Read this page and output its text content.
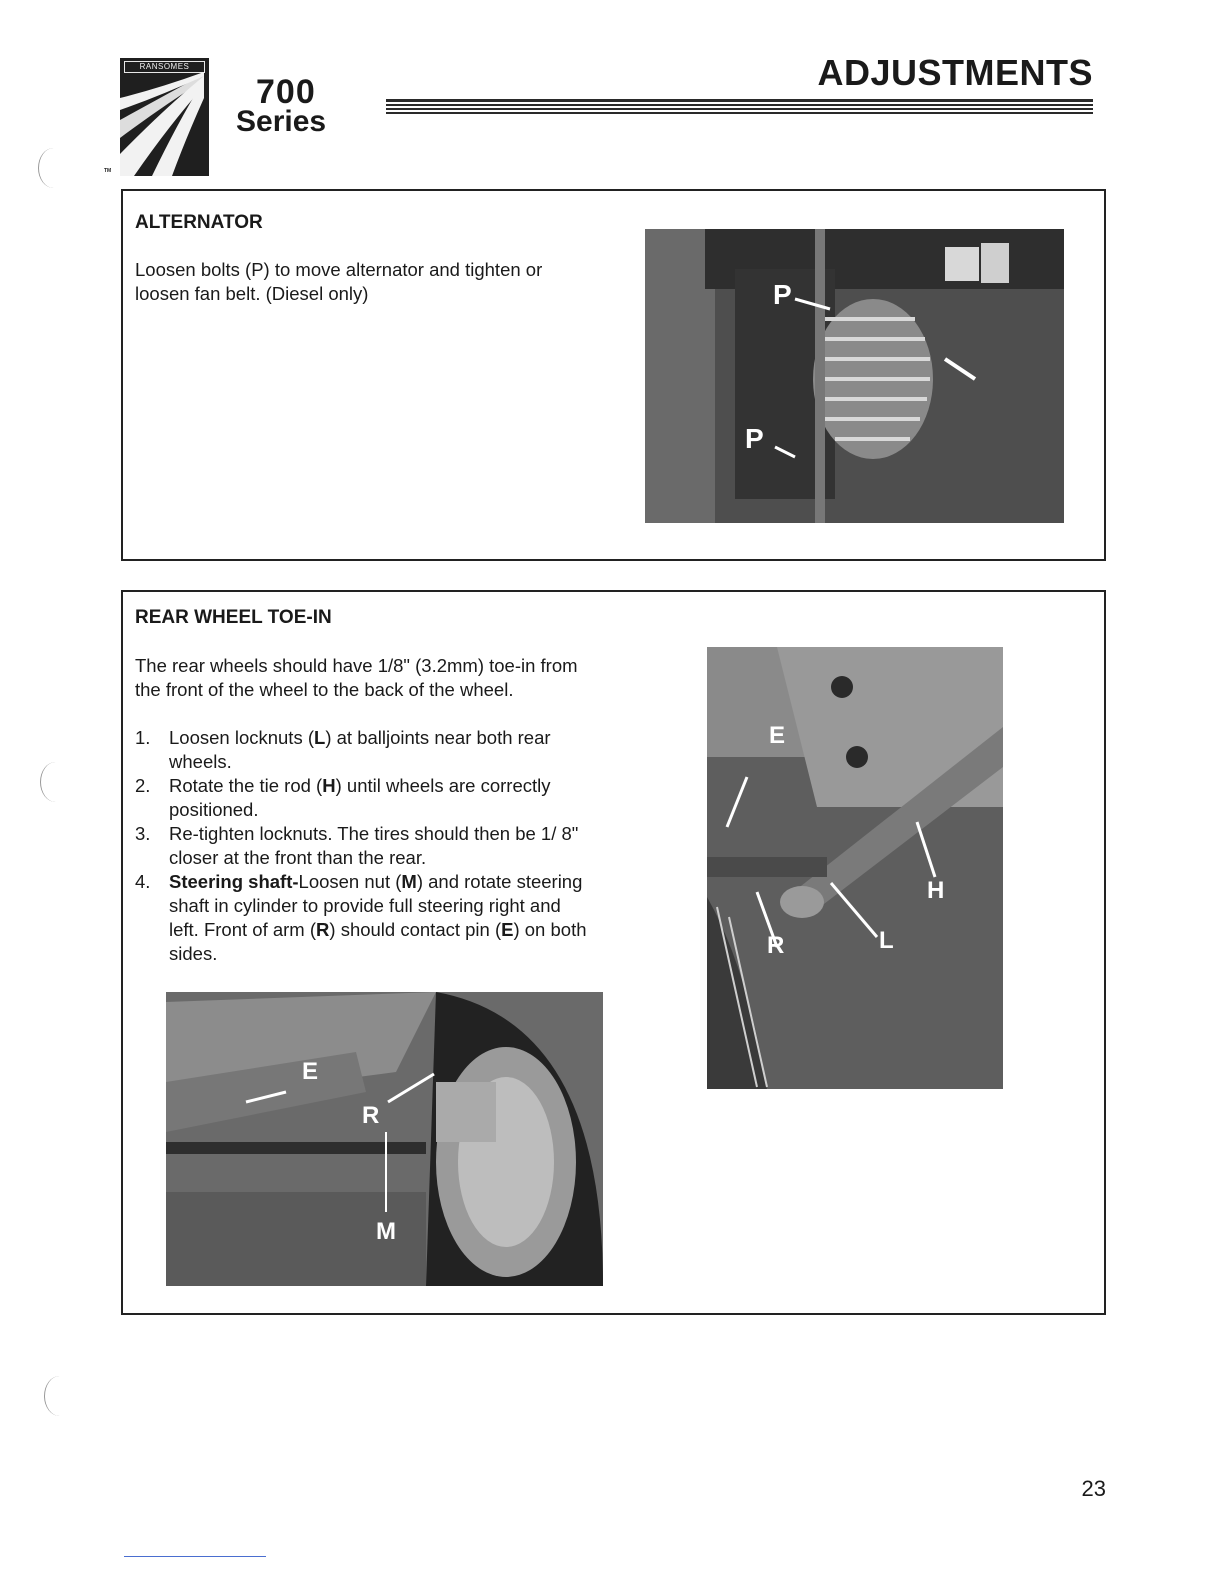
RANSOMES
TM
700
Series
ADJUSTMENTS
ALTERNATOR
Loosen bolts (P) to move alternator and tighten or loosen fan belt. (Diesel only)	P
P
REAR WHEEL TOE-IN
The rear wheels should have 1/8" (3.2mm) toe-in from the front of the wheel to the back of the wheel.
1. Loosen locknuts (L) at balljoints near both rear wheels.
2. Rotate the tie rod (H) until wheels are correctly positioned.
3. Re-tighten locknuts. The tires should then be 1/ 8" closer at the front than the rear.
4. Steering shaft-Loosen nut (M) and rotate steering shaft in cylinder to provide full steering right and left. Front of arm (R) should contact pin (E) on both sides.
E
R
H
L
E
R
M
23
